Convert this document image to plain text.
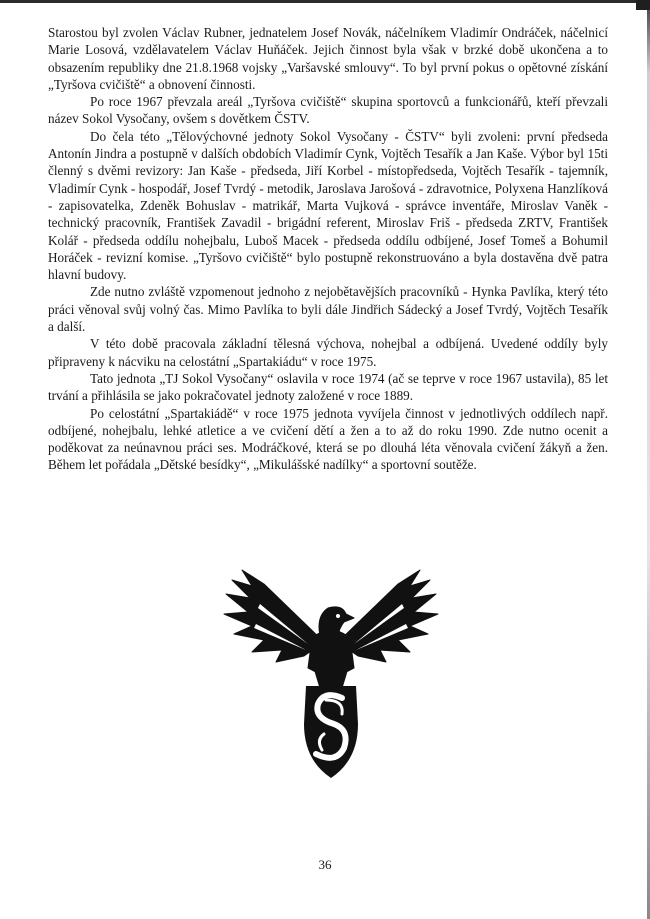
Starostou byl zvolen Václav Rubner, jednatelem Josef Novák, náčelníkem Vladimír Ondráček, náčelnicí Marie Losová, vzdělavatelem Václav Huňáček. Jejich činnost byla však v brzké době ukončena a to obsazením republiky dne 21.8.1968 vojsky „Varšavské smlouvy“. To byl první pokus o opětovné získání „Tyršova cvičiště“ a obnovení činnosti.

Po roce 1967 převzala areál „Tyršova cvičiště“ skupina sportovců a funkcionářů, kteří převzali název Sokol Vysočany, ovšem s dovětkem ČSTV.

Do čela této „Tělovýchovné jednoty Sokol Vysočany - ČSTV“ byli zvoleni: první předseda Antonín Jindra a postupně v dalších obdobích Vladimír Cynk, Vojtěch Tesařík a Jan Kaše. Výbor byl 15ti členný s dvěmi revizory: Jan Kaše - předseda, Jiří Korbel - místopředseda, Vojtěch Tesařík - tajemník, Vladimír Cynk - hospodář, Josef Tvrdý - metodik, Jaroslava Jarošová - zdravotnice, Polyxena Hanzlíková - zapisovatelka, Zdeněk Bohuslav - matrikář, Marta Vujková - správce inventáře, Miroslav Vaněk - technický pracovník, František Zavadil - brigádní referent, Miroslav Friš - předseda ZRTV, František Kolář - předseda oddílu nohejbalu, Luboš Macek - předseda oddílu odbíjené, Josef Tomeš a Bohumil Horáček - revizní komise. „Tyršovo cvičiště“ bylo postupně rekonstruováno a byla dostavěna dvě patra hlavní budovy.

Zde nutno zvláště vzpomenout jednoho z nejobětavějších pracovníků - Hynka Pavlíka, který této práci věnoval svůj volný čas. Mimo Pavlíka to byli dále Jindřich Sádecký a Josef Tvrdý, Vojtěch Tesařík a další.

V této době pracovala základní tělesná výchova, nohejbal a odbíjená. Uvedené oddíly byly připraveny k nácviku na celostátní „Spartakiádu“ v roce 1975.

Tato jednota „TJ Sokol Vysočany“ oslavila v roce 1974 (ač se teprve v roce 1967 ustavila), 85 let trvání a přihlásila se jako pokračovatel jednoty založené v roce 1889.

Po celostátní „Spartakiádě“ v roce 1975 jednota vyvíjela činnost v jednotlivých oddílech např. odbíjené, nohejbalu, lehké atletice a ve cvičení dětí a žen a to až do roku 1990. Zde nutno ocenit a poděkovat za neúnavnou práci ses. Modráčkové, která se po dlouhá léta věnovala cvičení žákyň a žen. Během let pořádala „Dětské besídky“, „Mikulášské nadílky“ a sportovní soutěže.

36
